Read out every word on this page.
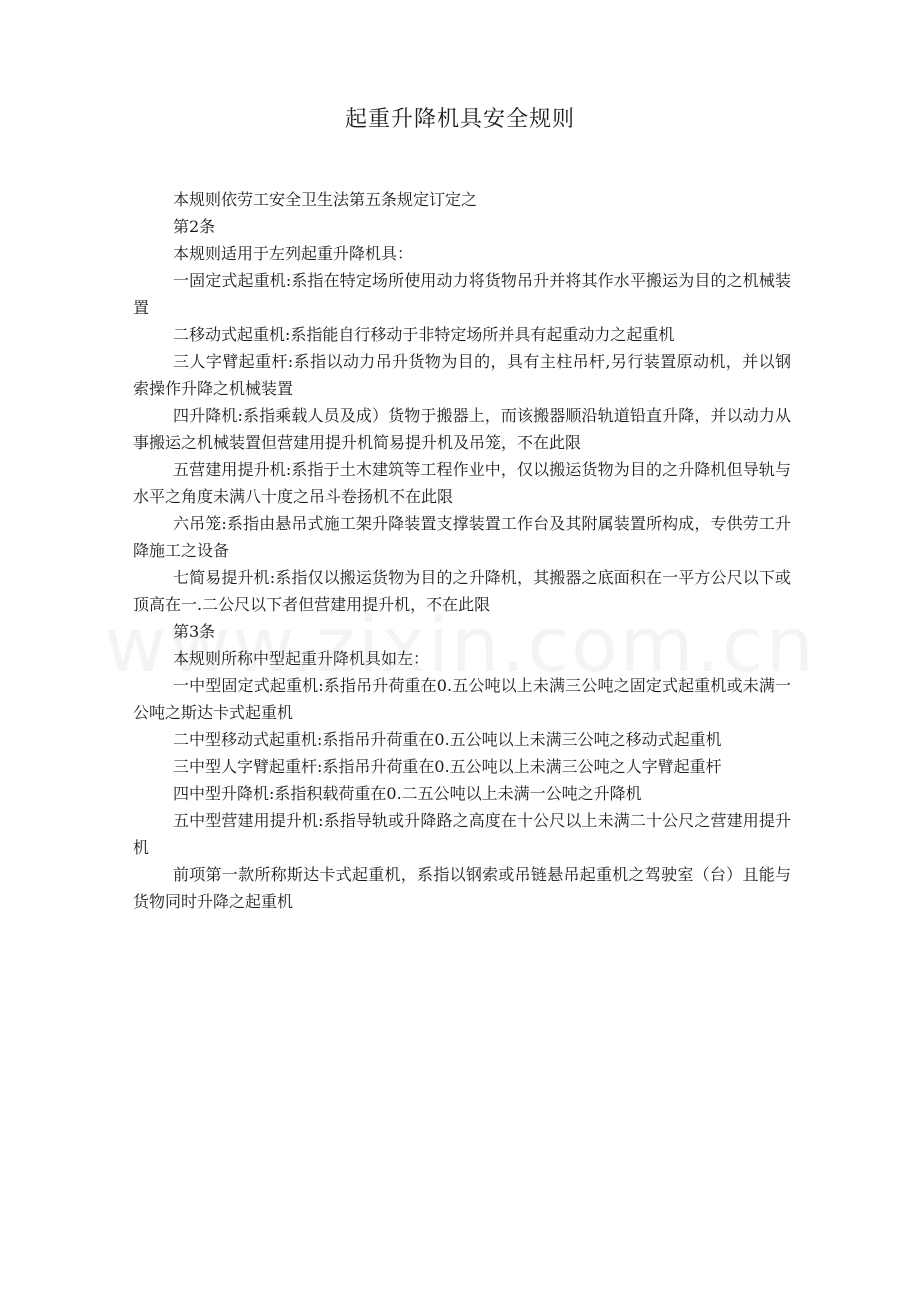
起重升降机具安全规则

本规则依劳工安全卫生法第五条规定订定之

第2条

本规则适用于左列起重升降机具：

一固定式起重机:系指在特定场所使用动力将货物吊升并将其作水平搬运为目的之机械装置

二移动式起重机:系指能自行移动于非特定场所并具有起重动力之起重机

三人字臂起重杆:系指以动力吊升货物为目的，具有主柱吊杆,另行装置原动机，并以钢索操作升降之机械装置

四升降机:系指乘载人员及成）货物于搬器上，而该搬器顺沿轨道铅直升降，并以动力从事搬运之机械装置但营建用提升机简易提升机及吊笼，不在此限

五营建用提升机:系指于土木建筑等工程作业中，仅以搬运货物为目的之升降机但导轨与水平之角度未满八十度之吊斗卷扬机不在此限

六吊笼:系指由悬吊式施工架升降装置支撑装置工作台及其附属装置所构成，专供劳工升降施工之设备

七简易提升机:系指仅以搬运货物为目的之升降机，其搬器之底面积在一平方公尺以下或顶高在一.二公尺以下者但营建用提升机，不在此限

第3条

本规则所称中型起重升降机具如左：

一中型固定式起重机:系指吊升荷重在0.五公吨以上未满三公吨之固定式起重机或未满一公吨之斯达卡式起重机

二中型移动式起重机:系指吊升荷重在0.五公吨以上未满三公吨之移动式起重机

三中型人字臂起重杆:系指吊升荷重在0.五公吨以上未满三公吨之人字臂起重杆

四中型升降机:系指积载荷重在0.二五公吨以上未满一公吨之升降机

五中型营建用提升机:系指导轨或升降路之高度在十公尺以上未满二十公尺之营建用提升机

前项第一款所称斯达卡式起重机，系指以钢索或吊链悬吊起重机之驾驶室（台）且能与货物同时升降之起重机
